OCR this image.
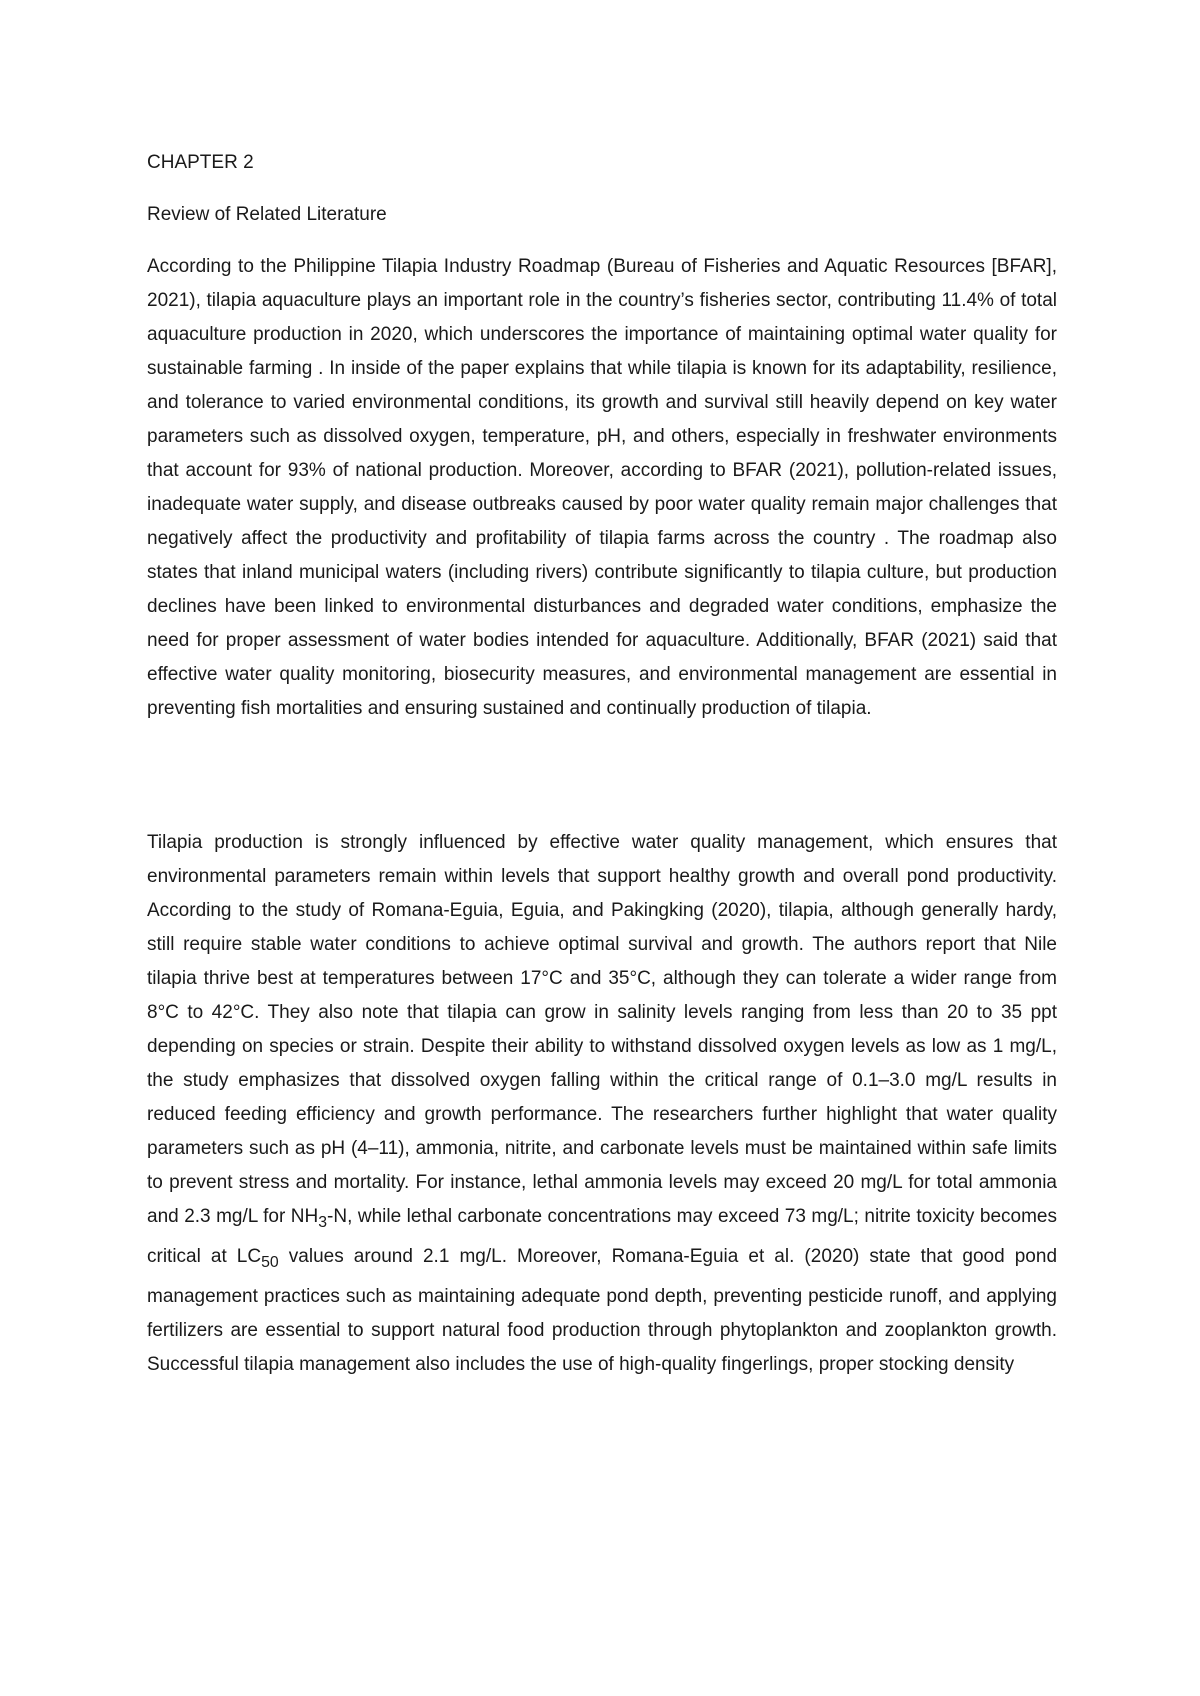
CHAPTER 2

Review of Related Literature

According to the Philippine Tilapia Industry Roadmap (Bureau of Fisheries and Aquatic Resources [BFAR], 2021), tilapia aquaculture plays an important role in the country’s fisheries sector, contributing 11.4% of total aquaculture production in 2020, which underscores the importance of maintaining optimal water quality for sustainable farming . In inside of the paper explains that while tilapia is known for its adaptability, resilience, and tolerance to varied environmental conditions, its growth and survival still heavily depend on key water parameters such as dissolved oxygen, temperature, pH, and others, especially in freshwater environments that account for 93% of national production. Moreover, according to BFAR (2021), pollution-related issues, inadequate water supply, and disease outbreaks caused by poor water quality remain major challenges that negatively affect the productivity and profitability of tilapia farms across the country . The roadmap also states that inland municipal waters (including rivers) contribute significantly to tilapia culture, but production declines have been linked to environmental disturbances and degraded water conditions, emphasize the need for proper assessment of water bodies intended for aquaculture. Additionally, BFAR (2021) said that effective water quality monitoring, biosecurity measures, and environmental management are essential in preventing fish mortalities and ensuring sustained and continually production of tilapia.

Tilapia production is strongly influenced by effective water quality management, which ensures that environmental parameters remain within levels that support healthy growth and overall pond productivity. According to the study of Romana-Eguia, Eguia, and Pakingking (2020), tilapia, although generally hardy, still require stable water conditions to achieve optimal survival and growth. The authors report that Nile tilapia thrive best at temperatures between 17°C and 35°C, although they can tolerate a wider range from 8°C to 42°C. They also note that tilapia can grow in salinity levels ranging from less than 20 to 35 ppt depending on species or strain. Despite their ability to withstand dissolved oxygen levels as low as 1 mg/L, the study emphasizes that dissolved oxygen falling within the critical range of 0.1–3.0 mg/L results in reduced feeding efficiency and growth performance. The researchers further highlight that water quality parameters such as pH (4–11), ammonia, nitrite, and carbonate levels must be maintained within safe limits to prevent stress and mortality. For instance, lethal ammonia levels may exceed 20 mg/L for total ammonia and 2.3 mg/L for $NH_3-N$, while lethal carbonate concentrations may exceed 73 mg/L; nitrite toxicity becomes critical at $LC_{50}$ values around 2.1 mg/L. Moreover, Romana-Eguia et al. (2020) state that good pond management practices such as maintaining adequate pond depth, preventing pesticide runoff, and applying fertilizers are essential to support natural food production through phytoplankton and zooplankton growth. Successful tilapia management also includes the use of high-quality fingerlings, proper stocking density
